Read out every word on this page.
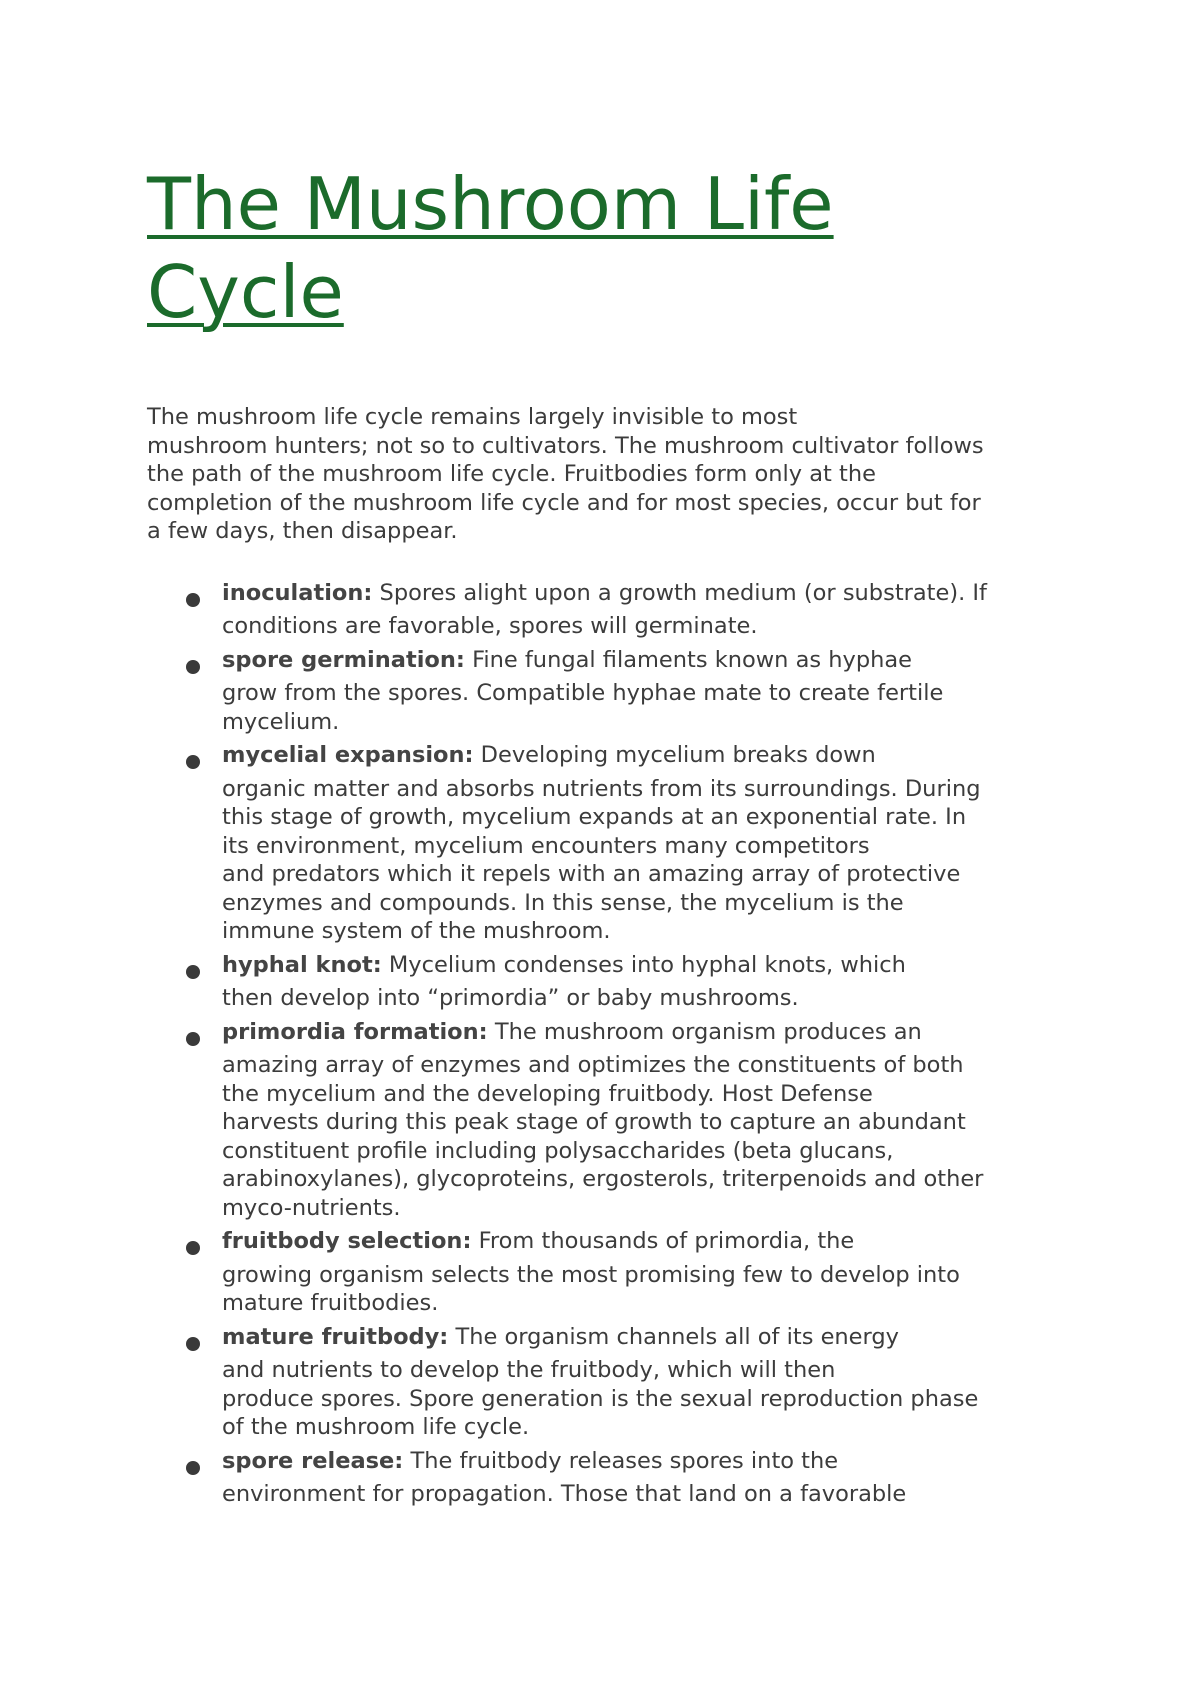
The Mushroom Life
Cycle

The mushroom life cycle remains largely invisible to most
mushroom hunters; not so to cultivators. The mushroom cultivator follows
the path of the mushroom life cycle. Fruitbodies form only at the
completion of the mushroom life cycle and for most species, occur but for
a few days, then disappear.

inoculation: Spores alight upon a growth medium (or substrate). If
conditions are favorable, spores will germinate.
spore germination: Fine fungal filaments known as hyphae
grow from the spores. Compatible hyphae mate to create fertile
mycelium.
mycelial expansion: Developing mycelium breaks down
organic matter and absorbs nutrients from its surroundings. During
this stage of growth, mycelium expands at an exponential rate. In
its environment, mycelium encounters many competitors
and predators which it repels with an amazing array of protective
enzymes and compounds. In this sense, the mycelium is the
immune system of the mushroom.
hyphal knot: Mycelium condenses into hyphal knots, which
then develop into “primordia” or baby mushrooms.
primordia formation: The mushroom organism produces an
amazing array of enzymes and optimizes the constituents of both
the mycelium and the developing fruitbody. Host Defense
harvests during this peak stage of growth to capture an abundant
constituent profile including polysaccharides (beta glucans,
arabinoxylanes), glycoproteins, ergosterols, triterpenoids and other
myco-nutrients.
fruitbody selection: From thousands of primordia, the
growing organism selects the most promising few to develop into
mature fruitbodies.
mature fruitbody: The organism channels all of its energy
and nutrients to develop the fruitbody, which will then
produce spores. Spore generation is the sexual reproduction phase
of the mushroom life cycle.
spore release: The fruitbody releases spores into the
environment for propagation. Those that land on a favorable
